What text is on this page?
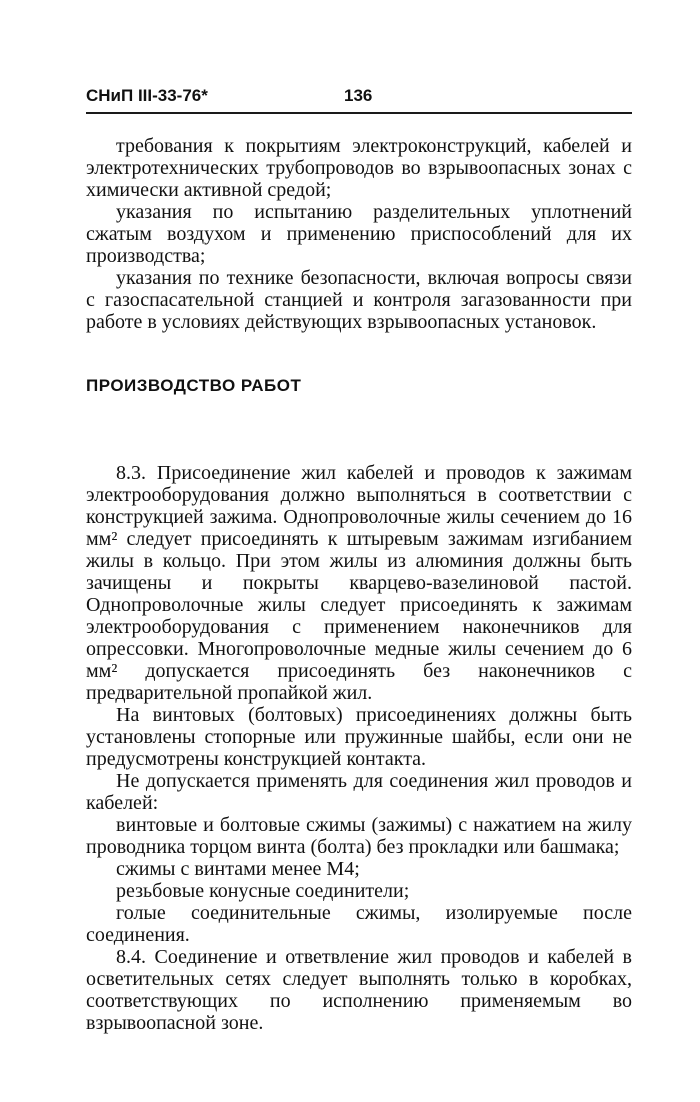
СНиП III-33-76*	136

требования к покрытиям электроконструкций, кабелей и электротехнических трубопроводов во взрывоопасных зонах с химически активной средой;

указания по испытанию разделительных уплотнений сжатым воздухом и применению приспособлений для их производства;

указания по технике безопасности, включая вопросы связи с газоспасательной станцией и контроля загазованности при работе в условиях действующих взрывоопасных установок.

ПРОИЗВОДСТВО РАБОТ

8.3. Присоединение жил кабелей и проводов к зажимам электрооборудования должно выполняться в соответствии с конструкцией зажима. Однопроволочные жилы сечением до 16 мм² следует присоединять к штыревым зажимам изгибанием жилы в кольцо. При этом жилы из алюминия должны быть зачищены и покрыты кварцево-вазелиновой пастой. Однопроволочные жилы следует присоединять к зажимам электрооборудования с применением наконечников для опрессовки. Многопроволочные медные жилы сечением до 6 мм² допускается присоединять без наконечников с предварительной пропайкой жил.

На винтовых (болтовых) присоединениях должны быть установлены стопорные или пружинные шайбы, если они не предусмотрены конструкцией контакта.

Не допускается применять для соединения жил проводов и кабелей:

винтовые и болтовые сжимы (зажимы) с нажатием на жилу проводника торцом винта (болта) без прокладки или башмака;

сжимы с винтами менее М4;

резьбовые конусные соединители;

голые соединительные сжимы, изолируемые после соединения.

8.4. Соединение и ответвление жил проводов и кабелей в осветительных сетях следует выполнять только в коробках, соответствующих по исполнению применяемым во взрывоопасной зоне.
